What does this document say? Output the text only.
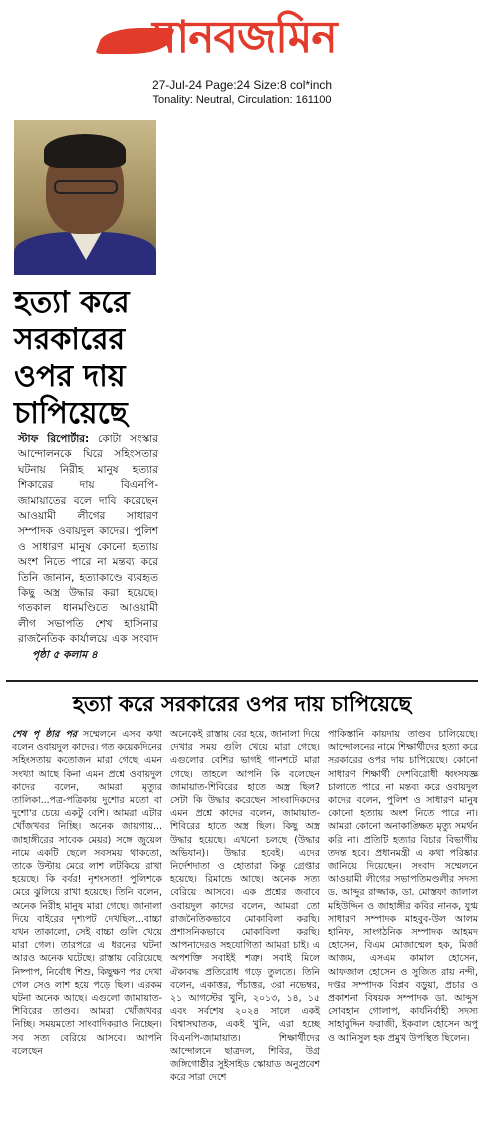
মানবজমিন
27-Jul-24 Page:24 Size:8 col*inch
Tonality: Neutral, Circulation: 161100
হত্যা করে
সরকারের
ওপর দায়
চাপিয়েছে
স্টাফ রিপোর্টার: কোটা সংস্কার আন্দোলনকে ঘিরে সহিংসতার ঘটনায় নিরীহ মানুষ হত্যার শিকারের দায় বিএনপি-জামায়াতের বলে দাবি করেছেন আওয়ামী লীগের সাধারণ সম্পাদক ওবায়দুল কাদের। পুলিশ ও সাধারণ মানুষ কোনো হত্যায় অংশ নিতে পারে না মন্তব্য করে তিনি জানান, হত্যাকাণ্ডে ব্যবহৃত কিছু অস্ত্র উদ্ধার করা হয়েছে। গতকাল ধানমণ্ডিতে আওয়ামী লীগ সভাপতি শেখ হাসিনার রাজনৈতিক কার্যালয়ে এক সংবাদ পৃষ্ঠা ৫ কলাম ৪
হত্যা করে সরকারের ওপর দায় চাপিয়েছে
শেষ পৃ ষ্ঠার পর সম্মেলনে এসব কথা বলেন ওবায়দুল কাদের। গত কয়েকদিনের সহিংসতায় কতোজন মারা গেছে এমন সংখ্যা আছে কিনা এমন প্রশ্নে ওবায়দুল কাদের বলেন, আমরা মৃত্যুর তালিকা...পত্র-পত্রিকায় দুশোর মতো বা দুশো'র চেয়ে একটু বেশি। আমরা এটার খোঁজখবর নিচ্ছি। অনেক জায়গায়... জাহাঙ্গীরের সাবেক মেয়র) সঙ্গে জুয়েল নামে একটি ছেলে সবসময় থাকতো, তাকে উল্টায় মেরে লাশ লটকিয়ে রাখা হয়েছে। কি বর্বর! নৃশংসতা! পুলিশকে মেরে ঝুলিয়ে রাখা হয়েছে। তিনি বলেন, অনেক নিরীহ মানুষ মারা গেছে। জানালা দিয়ে বাইরের দৃশ্যপট দেখছিল...বাচ্চা যখন তাকালো, সেই বাচ্চা গুলি খেয়ে মারা গেল। তারপরে এ ধরনের ঘটনা আরও অনেক ঘটেছে। রাস্তায় বেরিয়েছে নিষ্পাপ, নির্বোধ শিশু, কিছুক্ষণ পর দেখা গেল সেও লাশ হয়ে পড়ে ছিল। এরকম ঘটনা অনেক আছে। এগুলো জামায়াত-শিবিরের তাণ্ডব। আমরা খোঁজখবর নিচ্ছি। সময়মতো সাংবাদিকরাও নিচ্ছেন। সব সত্য বেরিয়ে আসবে। আপনি বলেছেন
অনেকেই রাস্তায় বের হয়ে, জানালা দিয়ে দেখার সময় গুলি খেয়ে মারা গেছে। এগুলোর বেশির ভাগই গানশটে মারা গেছে। তাহলে আপনি কি বলেছেন জামায়াত-শিবিরের হাতে অস্ত্র ছিল? সেটা কি উদ্ধার করেছেন সাংবাদিকদের এমন প্রশ্নে কাদের বলেন, জামায়াত-শিবিরের হাতে অস্ত্র ছিল। কিছু অস্ত্র উদ্ধার হয়েছে। এখনো চলছে (উদ্ধার অভিযান)। উদ্ধার হবেই। এদের নির্দেশদাতা ও হোতারা কিন্তু গ্রেপ্তার হয়েছে। রিমান্ডে আছে। অনেক সত্য বেরিয়ে আসবে। এক প্রশ্নের জবাবে ওবায়দুল কাদের বলেন, আমরা তো রাজনৈতিকভাবে মোকাবিলা করছি। প্রশাসনিকভাবে মোকাবিলা করছি। আপনাদেরও সহযোগিতা আমরা চাই। এ অপশক্তি সবাইই শত্রু। সবাই মিলে ঐক্যবদ্ধ প্রতিরোধ গড়ে তুলতে। তিনি বলেন, একাত্তর, পঁচাত্তর, ৩রা নভেম্বর, ২১ আগস্টের খুনি, ২০১৩, ১৪, ১৫ এবং সর্বশেষ ২০২৪ সালে একই বিশ্বাসঘাতক, একই খুনি, এরা হচ্ছে বিএনপি-জামায়াত। শিক্ষার্থীদের আন্দোলনে ছাত্রদল, শিবির, উগ্র জঙ্গিগোষ্ঠীর সুইসাইড স্কোয়াড অনুপ্রবেশ করে সারা দেশে
পাকিস্তানি কায়দায় তাণ্ডব চালিয়েছে। আন্দোলনের নামে শিক্ষার্থীদের হত্যা করে সরকারের ওপর দায় চাপিয়েছে। কোনো সাধারণ শিক্ষার্থী দেশবিরোধী ধ্বংসযজ্ঞ চালাতে পারে না মন্তব্য করে ওবায়দুল কাদের বলেন, পুলিশ ও সাধারণ মানুষ কোনো হত্যায় অংশ নিতে পারে না। আমরা কোনো অনাকাঙ্ক্ষিত মৃত্যু সমর্থন করি না। প্রতিটি হত্যার বিচার বিভাগীয় তদন্ত হবে। প্রধানমন্ত্রী এ কথা পরিষ্কার জানিয়ে দিয়েছেন। সংবাদ সম্মেলনে আওয়ামী লীগের সভাপতিমণ্ডলীর সদস্য ড. আব্দুর রাজ্জাক, ডা. মোস্তফা জালাল মহিউদ্দিন ও জাহাঙ্গীর কবির নানক, যুগ্ম সাধারণ সম্পাদক মাহবুব-উল আলম হানিফ, সাংগঠনিক সম্পাদক আহমদ হোসেন, বিএম মোজাম্মেল হক, মির্জা আজম, এসএম কামাল হোসেন, আফজাল হোসেন ও সুজিত রায় নন্দী, দপ্তর সম্পাদক বিপ্লব বড়ুয়া, প্রচার ও প্রকাশনা বিষয়ক সম্পাদক ডা. আব্দুস সোবহান গোলাপ, কার্যনির্বাহী সদস্য সাহাবুদ্দিন ফরাজী, ইকবাল হোসেন অপু ও আনিসুল হক প্রমুখ উপস্থিত ছিলেন।
